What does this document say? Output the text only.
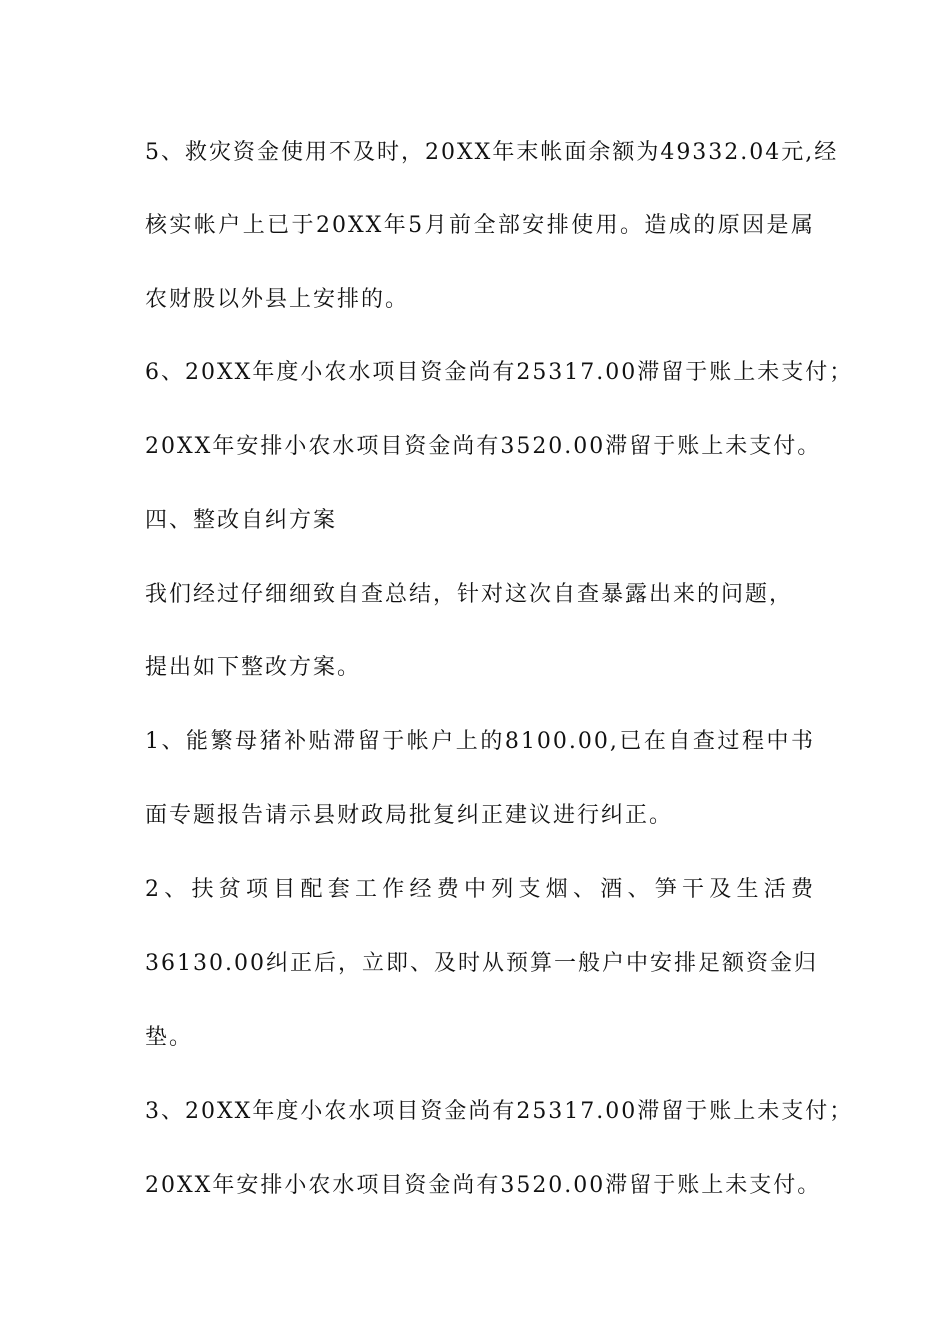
5、救灾资金使用不及时，20XX年末帐面余额为49332.04元,经
核实帐户上已于20XX年5月前全部安排使用。造成的原因是属
农财股以外县上安排的。
6、20XX年度小农水项目资金尚有25317.00滞留于账上未支付；
20XX年安排小农水项目资金尚有3520.00滞留于账上未支付。
四、整改自纠方案
我们经过仔细细致自查总结，针对这次自查暴露出来的问题，
提出如下整改方案。
1、能繁母猪补贴滞留于帐户上的8100.00,已在自查过程中书
面专题报告请示县财政局批复纠正建议进行纠正。
2、扶贫项目配套工作经费中列支烟、酒、笋干及生活费
36130.00纠正后，立即、及时从预算一般户中安排足额资金归
垫。
3、20XX年度小农水项目资金尚有25317.00滞留于账上未支付；
20XX年安排小农水项目资金尚有3520.00滞留于账上未支付。
